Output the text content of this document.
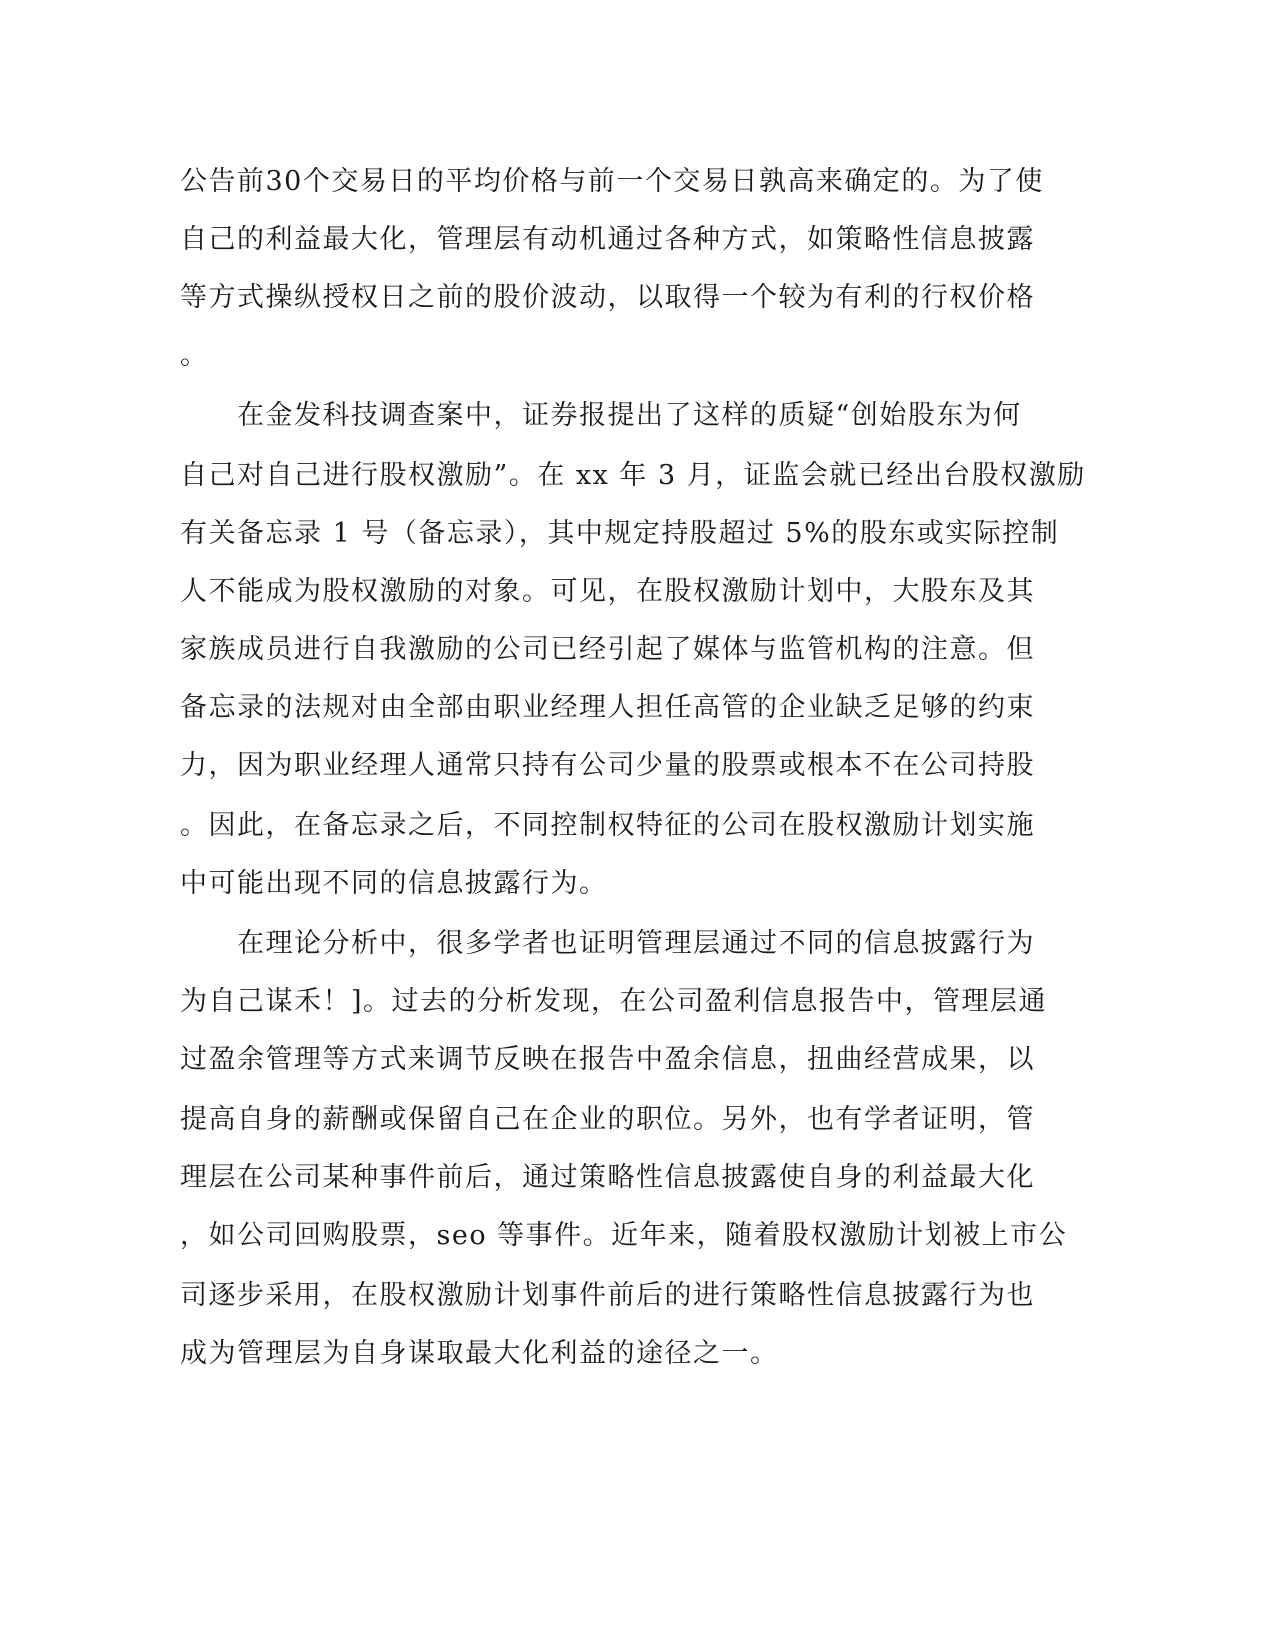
公告前30个交易日的平均价格与前一个交易日孰高来确定的。为了使
自己的利益最大化，管理层有动机通过各种方式，如策略性信息披露
等方式操纵授权日之前的股价波动，以取得一个较为有利的行权价格
。
　　在金发科技调查案中，证券报提出了这样的质疑“创始股东为何
自己对自己进行股权激励”。在 xx 年 3 月，证监会就已经出台股权激励
有关备忘录 1 号（备忘录），其中规定持股超过 5%的股东或实际控制
人不能成为股权激励的对象。可见，在股权激励计划中，大股东及其
家族成员进行自我激励的公司已经引起了媒体与监管机构的注意。但
备忘录的法规对由全部由职业经理人担任高管的企业缺乏足够的约束
力，因为职业经理人通常只持有公司少量的股票或根本不在公司持股
。因此，在备忘录之后，不同控制权特征的公司在股权激励计划实施
中可能出现不同的信息披露行为。
　　在理论分析中，很多学者也证明管理层通过不同的信息披露行为
为自己谋禾！]。过去的分析发现，在公司盈利信息报告中，管理层通
过盈余管理等方式来调节反映在报告中盈余信息，扭曲经营成果，以
提高自身的薪酬或保留自己在企业的职位。另外，也有学者证明，管
理层在公司某种事件前后，通过策略性信息披露使自身的利益最大化
，如公司回购股票，seo 等事件。近年来，随着股权激励计划被上市公
司逐步采用，在股权激励计划事件前后的进行策略性信息披露行为也
成为管理层为自身谋取最大化利益的途径之一。
